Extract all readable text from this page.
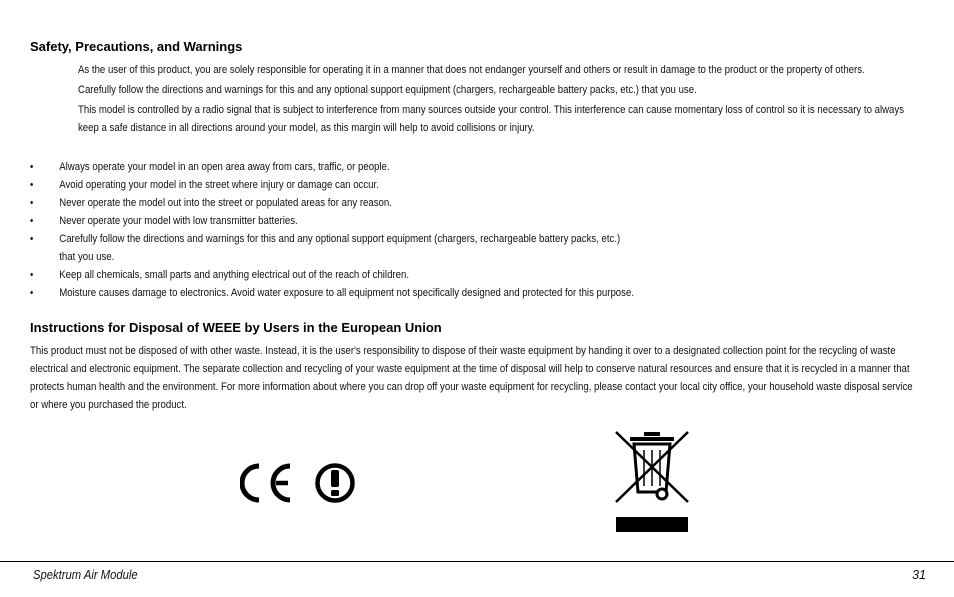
Safety, Precautions, and Warnings

As the user of this product, you are solely responsible for operating it in a manner that does not endanger yourself and others or result in damage to the product or the property of others.

Carefully follow the directions and warnings for this and any optional support equipment (chargers, rechargeable battery packs, etc.) that you use.

This model is controlled by a radio signal that is subject to interference from many sources outside your control. This interference can cause momentary loss of control so it is necessary to always keep a safe distance in all directions around your model, as this margin will help to avoid collisions or injury.

• Always operate your model in an open area away from cars, traffic, or people.
• Avoid operating your model in the street where injury or damage can occur.
• Never operate the model out into the street or populated areas for any reason.
• Never operate your model with low transmitter batteries.
• Carefully follow the directions and warnings for this and any optional support equipment (chargers, rechargeable battery packs, etc.)
that you use.
• Keep all chemicals, small parts and anything electrical out of the reach of children.
• Moisture causes damage to electronics. Avoid water exposure to all equipment not specifically designed and protected for this purpose.
Instructions for Disposal of WEEE by Users in the European Union
This product must not be disposed of with other waste. Instead, it is the user's responsibility to dispose of their waste equipment by handing it over to a designated collection point for the recycling of waste electrical and electronic equipment. The separate collection and recycling of your waste equipment at the time of disposal will help to conserve natural resources and ensure that it is recycled in a manner that protects human health and the environment. For more information about where you can drop off your waste equipment for recycling, please contact your local city office, your household waste disposal service or where you purchased the product.
Spektrum Air Module	31
